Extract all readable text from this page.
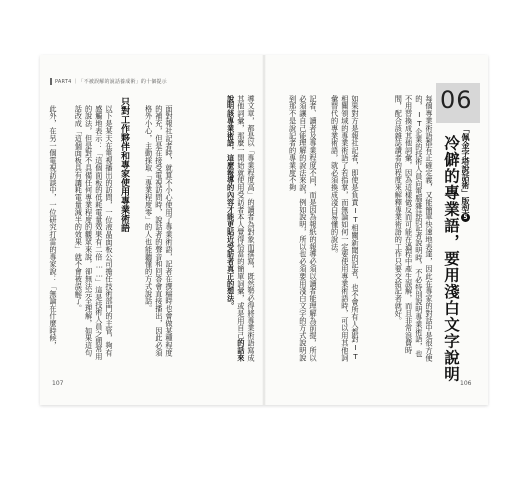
PART4 ｜「不被誤解的說話養成術」的十個提示
導文章，都是以「專業程度高」的讀者為對象而撰寫，既然勢必得將專業術語寫成其他詞彙，那麼一開始就使用受訪者本人覺得恰當的簡單詞彙，或是用自己的話來說明該專業術語，這麼報導的內容才能更貼近受訪者真正的想法。
面對報社記者時，就算不小心使用了專業術語，記者在撰稿時也會做某種程度的補充，但是在接受電視訪問時，說話者的聲音和回答會直接播出，因此必須格外小心，主動採取「專業程度零」的人也能聽懂的方式說話。
只對工作夥伴和專家使用專業術語
以下是某天在電視播出的訪問，一位液晶面板公司擔任技術部門的主管，夠有感觸地表示：「這個面板的低耗電量效果有二倍……」這是技術人員之間常用的說法，但是對不具備任何專業程度的觀眾來說，卻無法完全理解，如果這句話改成「這個面板具有讓耗電量減半的效果」就不會被誤解了。
此外，在另一個電視訪談中，一位研究打雷的專家說：「無論在什麼時候，
107
06
「佩金字塔說話術」版型5
冷僻的專業語，要用淺白文字說明
每個專業術語都有正確定義，又能簡單快速地表達，因此在專家的對話中是很方便的，IT企業的技術人員向電腦雜誌的記者說明時，不必特別說明專業術語，也不用替換成其他詞彙，因為這樣做反而可能在過程中產生誤解，而且非常浪費時間，配合該雜誌讀者的程度來解釋專業術語的工作只要交給記者就好。
如果對方是報社記者，即使是負責IT相關新聞的記者，也不會所有人都對IT相關領域的專業術語了若指掌，而無論如何一定要使用專業術語時，可以用其他詞彙替代的專業術語，就必須換成淺白易懂的說法。
記者、讀者及專業程度不同，而是因為報紙的報導必須以讀者能理解為前提，所以必須讓自己能理解的說法來說，例如說明，所以也必須要用淺白文字的方式說明說到那不是說記者的專業度不夠
106
